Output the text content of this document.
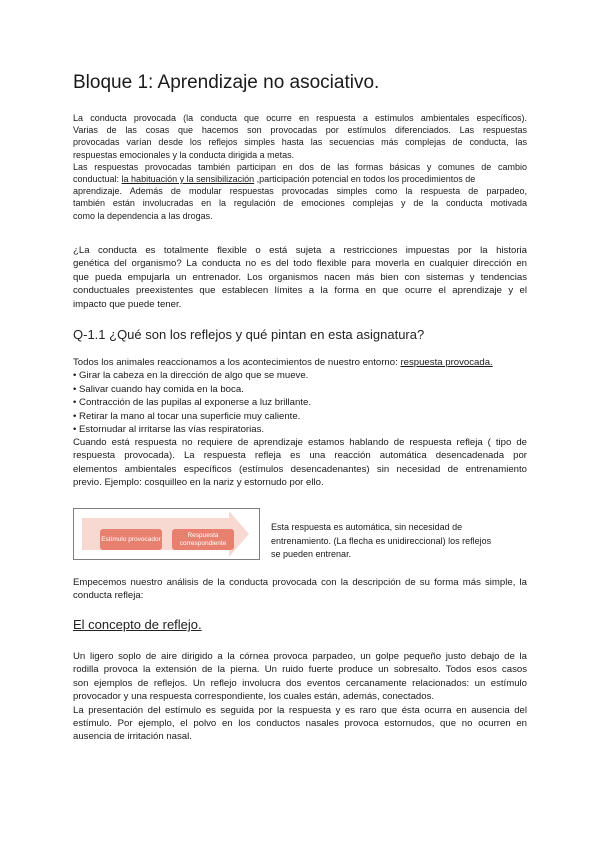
Bloque 1: Aprendizaje no asociativo.
La conducta provocada (la conducta que ocurre en respuesta a estímulos ambientales específicos).
Varias de las cosas que hacemos son provocadas por estímulos diferenciados. Las respuestas
provocadas varían desde los reflejos simples hasta las secuencias más complejas de conducta, las
respuestas emocionales y la conducta dirigida a metas.
Las respuestas provocadas también participan en dos de las formas básicas y comunes de cambio
conductual: la habituación y la sensibilización ,participación potencial en todos los procedimientos de
aprendizaje. Además de modular respuestas provocadas simples como la respuesta de parpadeo,
también están involucradas en la regulación de emociones complejas y de la conducta motivada
como la dependencia a las drogas.
¿La conducta es totalmente flexible o está sujeta a restricciones impuestas por la historia
genética del organismo? La conducta no es del todo flexible para moverla en cualquier dirección en
que pueda empujarla un entrenador. Los organismos nacen más bien con sistemas y tendencias
conductuales preexistentes que establecen límites a la forma en que ocurre el aprendizaje y el
impacto que puede tener.
Q-1.1 ¿Qué son los reflejos y qué pintan en esta asignatura?
Todos los animales reaccionamos a los acontecimientos de nuestro entorno: respuesta provocada.
• Girar la cabeza en la dirección de algo que se mueve.
• Salivar cuando hay comida en la boca.
• Contracción de las pupilas al exponerse a luz brillante.
• Retirar la mano al tocar una superficie muy caliente.
• Estornudar al irritarse las vías respiratorias.
Cuando está respuesta no requiere de aprendizaje estamos hablando de respuesta refleja ( tipo de
respuesta provocada). La respuesta refleja es una reacción automática desencadenada por
elementos ambientales específicos (estímulos desencadenantes) sin necesidad de entrenamiento
previo. Ejemplo: cosquilleo en la nariz y estornudo por ello.
Estímulo provocador
Respuesta correspondiente
Esta respuesta es automática, sin necesidad de
entrenamiento. (La flecha es unidireccional) los reflejos
se pueden entrenar.
Empecemos nuestro análisis de la conducta provocada con la descripción de su forma más simple, la
conducta refleja:
El concepto de reflejo.
Un ligero soplo de aire dirigido a la córnea provoca parpadeo, un golpe pequeño justo debajo de la
rodilla provoca la extensión de la pierna. Un ruido fuerte produce un sobresalto. Todos esos casos
son ejemplos de reflejos. Un reflejo involucra dos eventos cercanamente relacionados: un estímulo
provocador y una respuesta correspondiente, los cuales están, además, conectados.
La presentación del estímulo es seguida por la respuesta y es raro que ésta ocurra en ausencia del
estímulo. Por ejemplo, el polvo en los conductos nasales provoca estornudos, que no ocurren en
ausencia de irritación nasal.
